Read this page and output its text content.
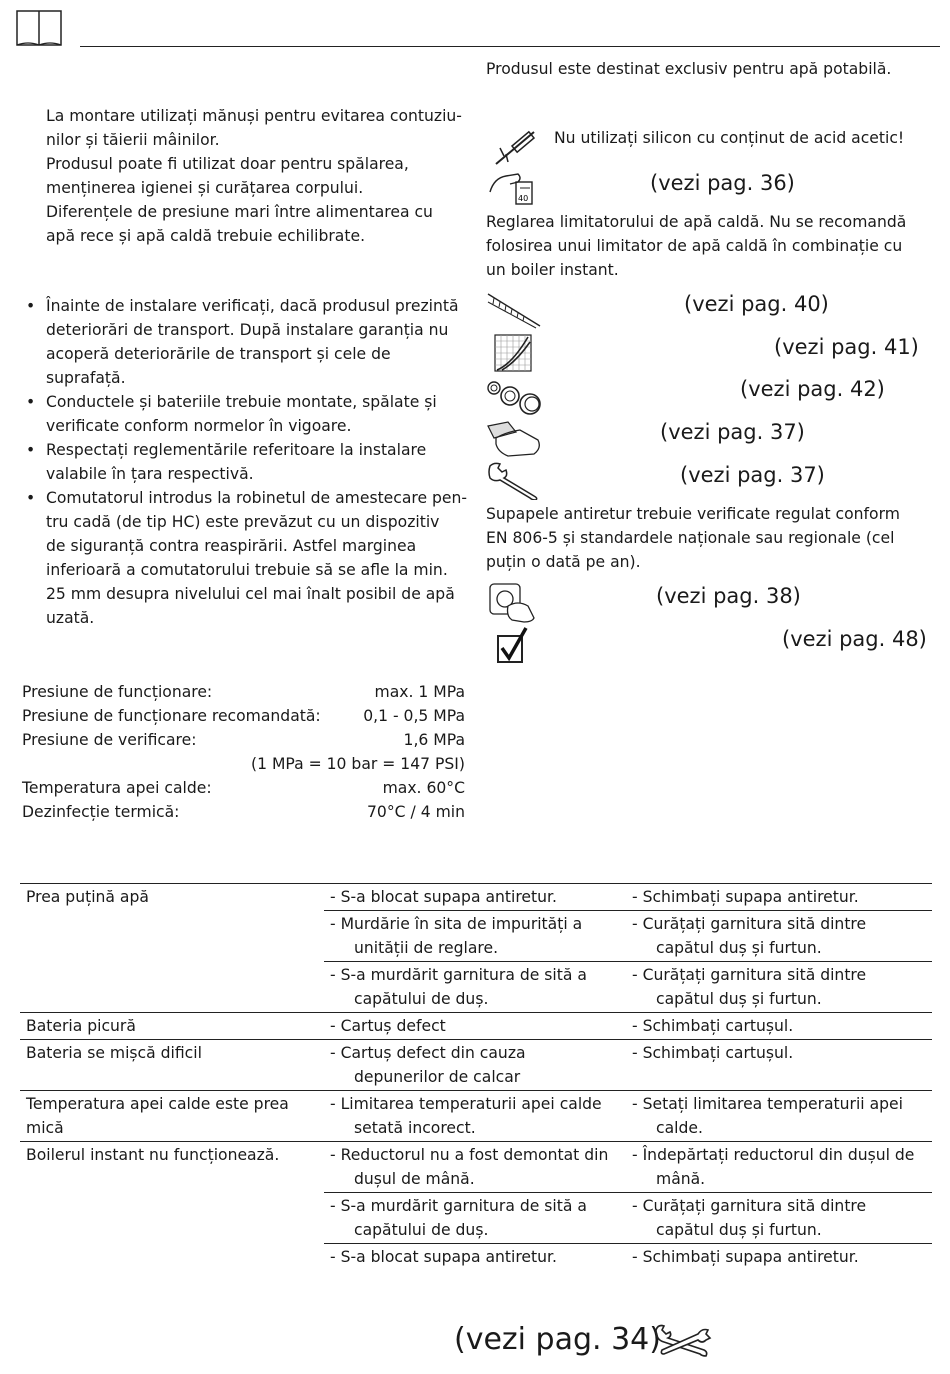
La montare utilizați mănuși pentru evitarea contuziu-
nilor și tăierii mâinilor.

Produsul poate fi utilizat doar pentru spălarea,
menținerea igienei și curățarea corpului.

Diferențele de presiune mari între alimentarea cu
apă rece și apă caldă trebuie echilibrate.

• Înainte de instalare verificați, dacă produsul prezintă
deteriorări de transport. După instalare garanția nu
acoperă deteriorările de transport și cele de
suprafață.
• Conductele și bateriile trebuie montate, spălate și
verificate conform normelor în vigoare.
• Respectați reglementările referitoare la instalare
valabile în țara respectivă.
• Comutatorul introdus la robinetul de amestecare pen-
tru cadă (de tip HC) este prevăzut cu un dispozitiv
de siguranță contra reaspirării. Astfel marginea
inferioară a comutatorului trebuie să se afle la min.
25 mm desupra nivelului cel mai înalt posibil de apă
uzată.
Presiune de funcționare:	max. 1 MPa
Presiune de funcționare recomandată:	0,1 - 0,5 MPa
Presiune de verificare:	1,6 MPa
(1 MPa = 10 bar = 147 PSI)
Temperatura apei calde:	max. 60°C
Dezinfecție termică:	70°C / 4 min
Produsul este destinat exclusiv pentru apă potabilă.
Nu utilizați silicon cu conținut de acid acetic!
40
(vezi pag. 36)
Reglarea limitatorului de apă caldă. Nu se recomandă
folosirea unui limitator de apă caldă în combinație cu
un boiler instant.
(vezi pag. 40)
(vezi pag. 41)
(vezi pag. 42)
(vezi pag. 37)
(vezi pag. 37)
Supapele antiretur trebuie verificate regulat conform
EN 806-5 și standardele naționale sau regionale (cel
puțin o dată pe an).
(vezi pag. 38)
(vezi pag. 48)
Prea puțină apă	- S-a blocat supapa antiretur.	- Schimbați supapa antiretur.

	- Murdărie în sita de impurități a
unității de reglare.	- Curățați garnitura sită dintre
capătul duș și furtun.

	- S-a murdărit garnitura de sită a
capătului de duș.	- Curățați garnitura sită dintre
capătul duș și furtun.

Bateria picură	- Cartuș defect	- Schimbați cartușul.

Bateria se mișcă dificil	- Cartuș defect din cauza
depunerilor de calcar	- Schimbați cartușul.

Temperatura apei calde este prea
mică	- Limitarea temperaturii apei calde
setată incorect.	- Setați limitarea temperaturii apei
calde.

Boilerul instant nu funcționează.	- Reductorul nu a fost demontat din
dușul de mână.	- Îndepărtați reductorul din dușul de
mână.

	- S-a murdărit garnitura de sită a
capătului de duș.	- Curățați garnitura sită dintre
capătul duș și furtun.

	- S-a blocat supapa antiretur.	- Schimbați supapa antiretur.
(vezi pag. 34)
